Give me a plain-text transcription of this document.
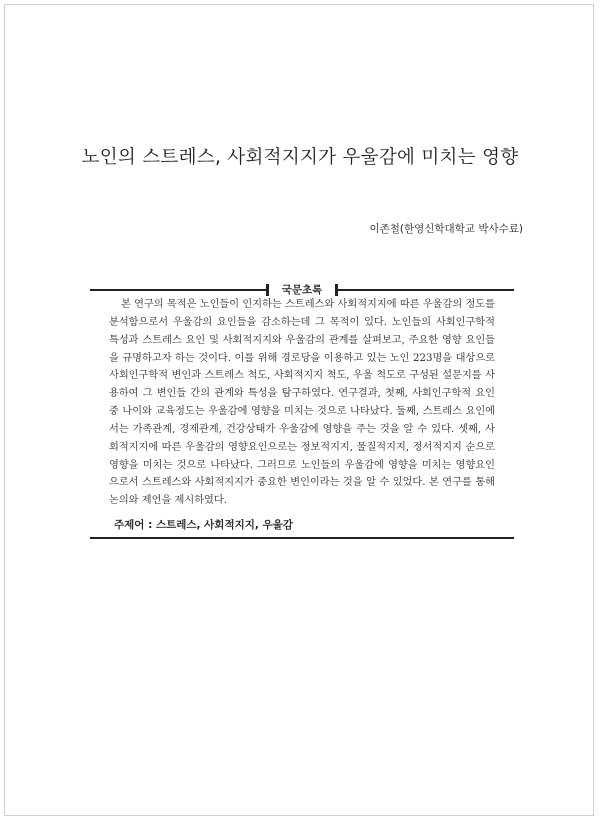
노인의 스트레스, 사회적지지가 우울감에 미치는 영향
이존철(한영신학대학교 박사수료)
국문초록

본 연구의 목적은 노인들이 인지하는 스트레스와 사회적지지에 따른 우울감의 정도를 분석함으로서 우울감의 요인들을 감소하는데 그 목적이 있다. 노인들의 사회인구학적 특성과 스트레스 요인 및 사회적지지와 우울감의 관계를 살펴보고, 주요한 영향 요인들을 규명하고자 하는 것이다. 이를 위해 경로당을 이용하고 있는 노인 223명을 대상으로 사회인구학적 변인과 스트레스 척도, 사회적지지 척도, 우울 척도로 구성된 설문지를 사용하여 그 변인들 간의 관계와 특성을 탐구하였다. 연구결과, 첫째, 사회인구학적 요인 중 나이와 교육정도는 우울감에 영향을 미치는 것으로 나타났다. 둘째, 스트레스 요인에서는 가족관계, 경제관계, 건강상태가 우울감에 영향을 주는 것을 알 수 있다. 셋째, 사회적지지에 따른 우울감의 영향요인으로는 정보적지지, 물질적지지, 정서적지지 순으로 영향을 미치는 것으로 나타났다. 그러므로 노인들의 우울감에 영향을 미치는 영향요인으로서 스트레스와 사회적지지가 중요한 변인이라는 것을 알 수 있었다. 본 연구를 통해 논의와 제언을 제시하였다.

주제어 : 스트레스, 사회적지지, 우울감
